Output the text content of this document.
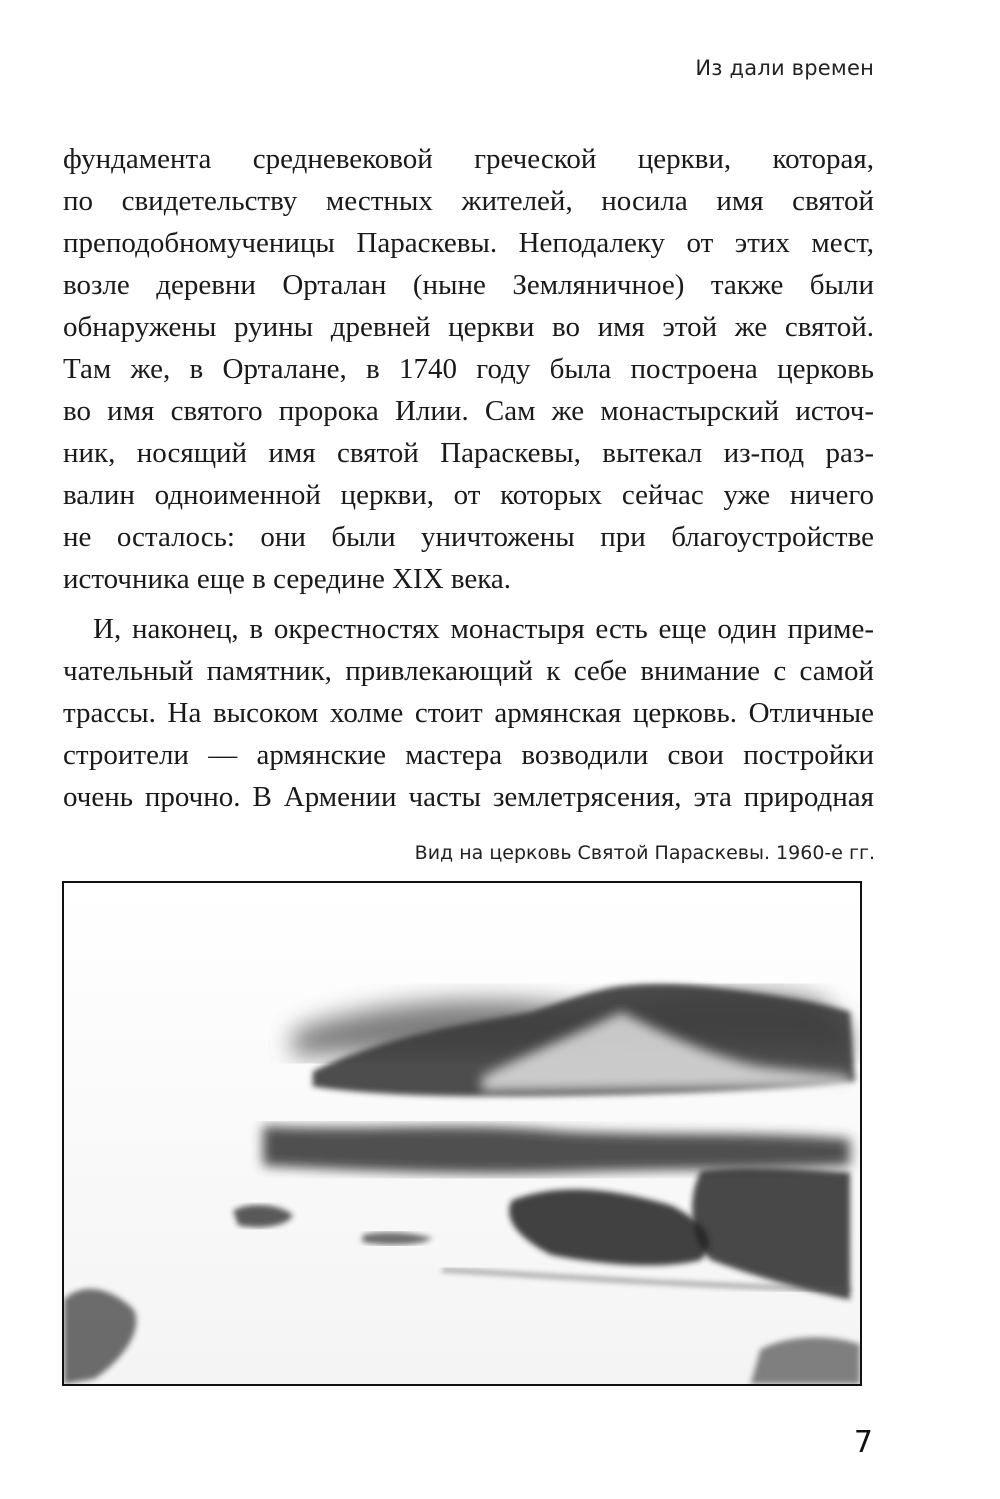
Из дали времен
фундамента средневековой греческой церкви, которая,
по свидетельству местных жителей, носила имя святой
преподобномученицы Параскевы. Неподалеку от этих мест,
возле деревни Орталан (ныне Земляничное) также были
обнаружены руины древней церкви во имя этой же святой.
Там же, в Орталане, в 1740 году была построена церковь
во имя святого пророка Илии. Сам же монастырский источ-
ник, носящий имя святой Параскевы, вытекал из-под раз-
валин одноименной церкви, от которых сейчас уже ничего
не осталось: они были уничтожены при благоустройстве
источника еще в середине XIX века.
И, наконец, в окрестностях монастыря есть еще один приме-
чательный памятник, привлекающий к себе внимание с самой
трассы. На высоком холме стоит армянская церковь. Отличные
строители — армянские мастера возводили свои постройки
очень прочно. В Армении часты землетрясения, эта природная
Вид на церковь Святой Параскевы. 1960-е гг.
7
